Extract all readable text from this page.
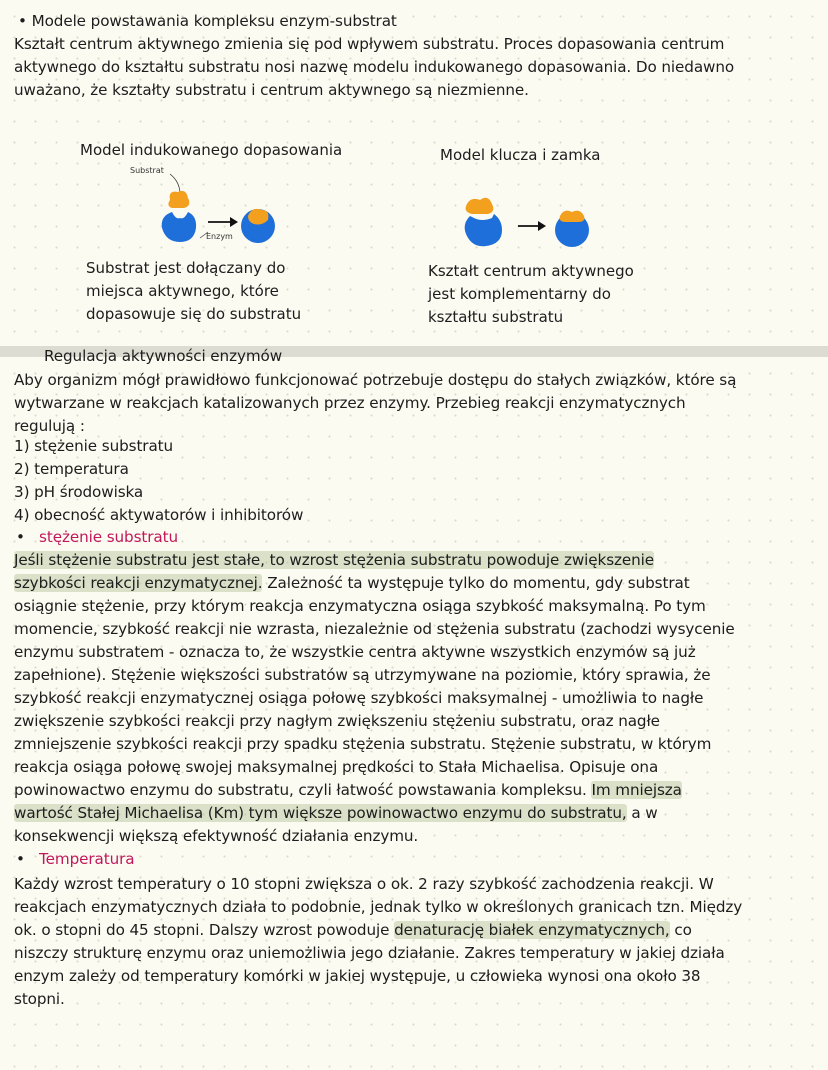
• Modele powstawania kompleksu enzym-substrat
Kształt centrum aktywnego zmienia się pod wpływem substratu. Proces dopasowania centrum
aktywnego do kształtu substratu nosi nazwę modelu indukowanego dopasowania. Do niedawno
uważano, że kształty substratu i centrum aktywnego są niezmienne.
Model indukowanego dopasowania
Substrat
Enzym
Substrat jest dołączany do
miejsca aktywnego, które
dopasowuje się do substratu
Model klucza i zamka
Kształt centrum aktywnego
jest komplementarny do
kształtu substratu
Regulacja aktywności enzymów
Aby organizm mógł prawidłowo funkcjonować potrzebuje dostępu do stałych związków, które są
wytwarzane w reakcjach katalizowanych przez enzymy. Przebieg reakcji enzymatycznych
regulują :
1) stężenie substratu
2) temperatura
3) pH środowiska
4) obecność aktywatorów i inhibitorów
• stężenie substratu
Jeśli stężenie substratu jest stałe, to wzrost stężenia substratu powoduje zwiększenie
szybkości reakcji enzymatycznej. Zależność ta występuje tylko do momentu, gdy substrat
osiągnie stężenie, przy którym reakcja enzymatyczna osiąga szybkość maksymalną. Po tym
momencie, szybkość reakcji nie wzrasta, niezależnie od stężenia substratu (zachodzi wysycenie
enzymu substratem - oznacza to, że wszystkie centra aktywne wszystkich enzymów są już
zapełnione). Stężenie większości substratów są utrzymywane na poziomie, który sprawia, że
szybkość reakcji enzymatycznej osiąga połowę szybkości maksymalnej - umożliwia to nagłe
zwiększenie szybkości reakcji przy nagłym zwiększeniu stężeniu substratu, oraz nagłe
zmniejszenie szybkości reakcji przy spadku stężenia substratu. Stężenie substratu, w którym
reakcja osiąga połowę swojej maksymalnej prędkości to Stała Michaelisa. Opisuje ona
powinowactwo enzymu do substratu, czyli łatwość powstawania kompleksu. Im mniejsza
wartość Stałej Michaelisa (Km) tym większe powinowactwo enzymu do substratu, a w
konsekwencji większą efektywność działania enzymu.
• Temperatura
Każdy wzrost temperatury o 10 stopni zwiększa o ok. 2 razy szybkość zachodzenia reakcji. W
reakcjach enzymatycznych działa to podobnie, jednak tylko w określonych granicach tzn. Między
ok. o stopni do 45 stopni. Dalszy wzrost powoduje denaturację białek enzymatycznych, co
niszczy strukturę enzymu oraz uniemożliwia jego działanie. Zakres temperatury w jakiej działa
enzym zależy od temperatury komórki w jakiej występuje, u człowieka wynosi ona około 38
stopni.
